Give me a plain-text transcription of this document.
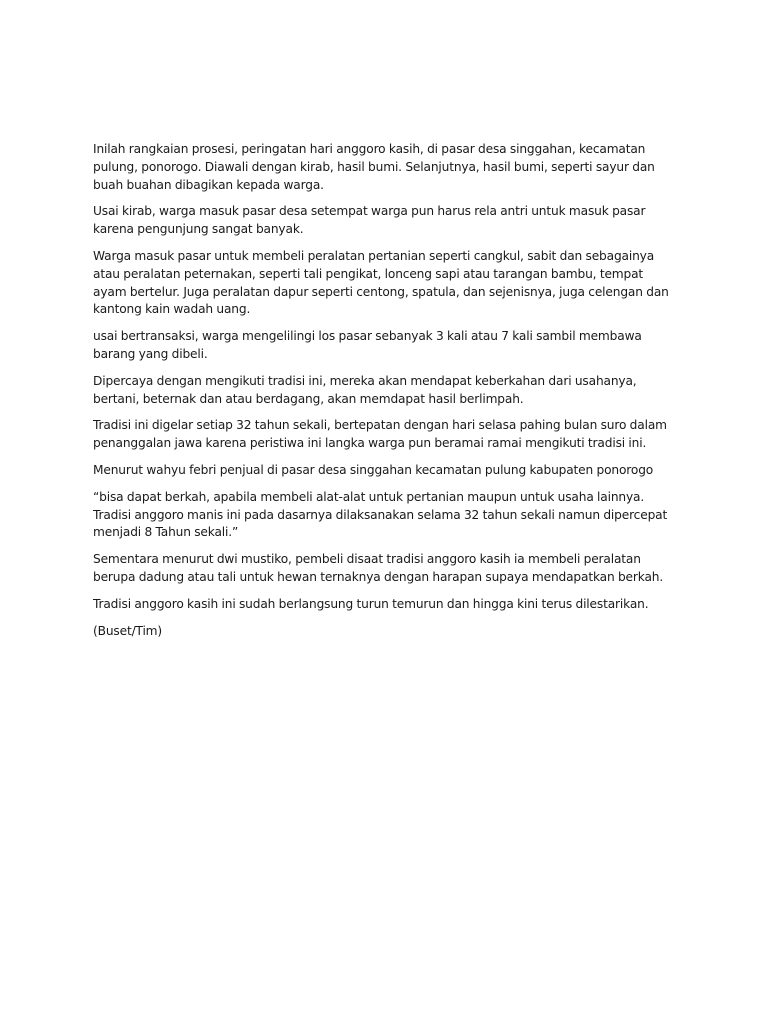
Inilah rangkaian prosesi, peringatan hari anggoro kasih, di pasar desa singgahan, kecamatan pulung, ponorogo. Diawali dengan kirab, hasil bumi. Selanjutnya, hasil bumi, seperti sayur dan buah buahan dibagikan kepada warga.

Usai kirab, warga masuk pasar desa setempat warga pun harus rela antri untuk masuk pasar karena pengunjung sangat banyak.

Warga masuk pasar untuk membeli peralatan pertanian seperti cangkul, sabit dan sebagainya atau peralatan peternakan, seperti tali pengikat, lonceng sapi atau tarangan bambu, tempat ayam bertelur. Juga peralatan dapur seperti centong, spatula, dan sejenisnya, juga celengan dan kantong kain wadah uang.

usai bertransaksi, warga mengelilingi los pasar sebanyak 3 kali atau 7 kali sambil membawa barang yang dibeli.

Dipercaya dengan mengikuti tradisi ini, mereka akan mendapat keberkahan dari usahanya, bertani, beternak dan atau berdagang, akan memdapat hasil berlimpah.

Tradisi ini digelar setiap 32 tahun sekali, bertepatan dengan hari selasa pahing bulan suro dalam penanggalan jawa karena peristiwa ini langka warga pun beramai ramai mengikuti tradisi ini.

Menurut wahyu febri penjual di pasar desa singgahan kecamatan pulung kabupaten ponorogo

“bisa dapat berkah, apabila membeli alat-alat untuk pertanian maupun untuk usaha lainnya. Tradisi anggoro manis ini pada dasarnya dilaksanakan selama 32 tahun sekali namun dipercepat menjadi 8 Tahun sekali.”

Sementara menurut dwi mustiko, pembeli disaat tradisi anggoro kasih ia membeli peralatan berupa dadung atau tali untuk hewan ternaknya dengan harapan supaya mendapatkan berkah.

Tradisi anggoro kasih ini sudah berlangsung turun temurun dan hingga kini terus dilestarikan.

(Buset/Tim)
